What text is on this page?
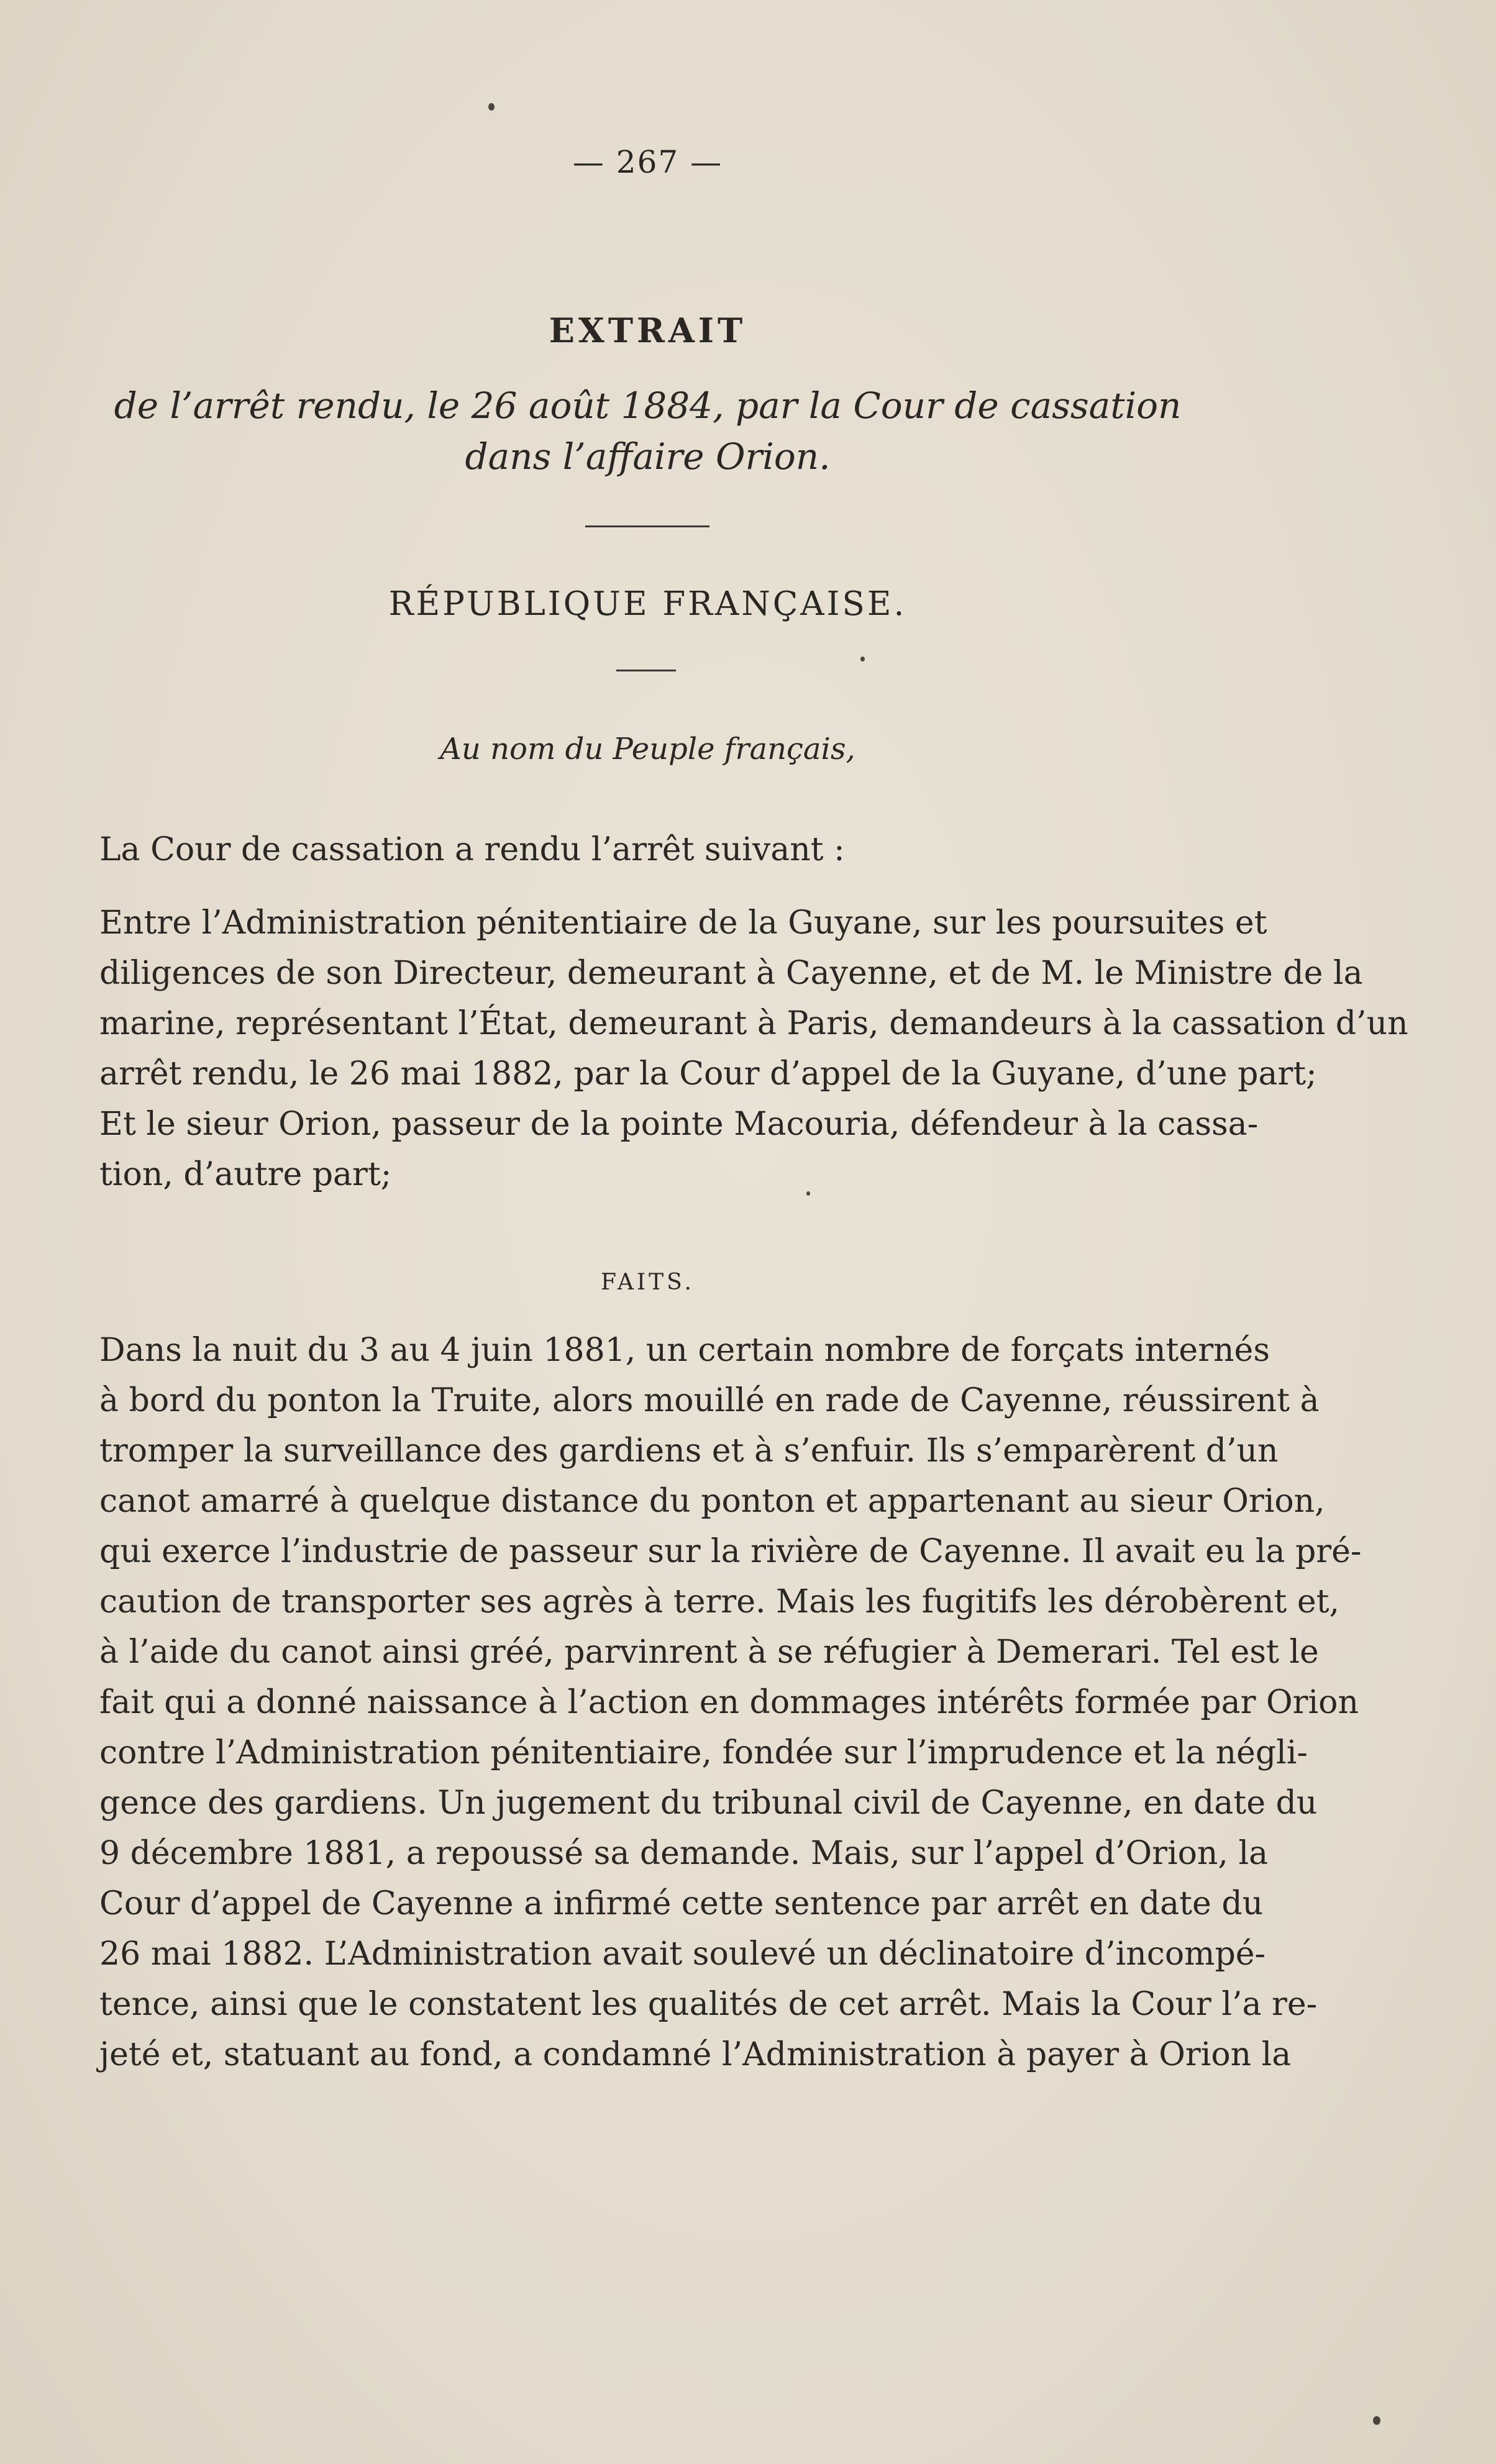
— 267 —
EXTRAIT
de l’arrêt rendu, le 26 août 1884, par la Cour de cassation
dans l’affaire Orion.
RÉPUBLIQUE FRANÇAISE.
Au nom du Peuple français,
La Cour de cassation a rendu l’arrêt suivant :
Entre l’Administration pénitentiaire de la Guyane, sur les poursuites et
diligences de son Directeur, demeurant à Cayenne, et de M. le Ministre de la
marine, représentant l’État, demeurant à Paris, demandeurs à la cassation d’un
arrêt rendu, le 26 mai 1882, par la Cour d’appel de la Guyane, d’une part;
Et le sieur Orion, passeur de la pointe Macouria, défendeur à la cassa-
tion, d’autre part;
FAITS.
Dans la nuit du 3 au 4 juin 1881, un certain nombre de forçats internés
à bord du ponton la Truite, alors mouillé en rade de Cayenne, réussirent à
tromper la surveillance des gardiens et à s’enfuir. Ils s’emparèrent d’un
canot amarré à quelque distance du ponton et appartenant au sieur Orion,
qui exerce l’industrie de passeur sur la rivière de Cayenne. Il avait eu la pré-
caution de transporter ses agrès à terre. Mais les fugitifs les dérobèrent et,
à l’aide du canot ainsi gréé, parvinrent à se réfugier à Demerari. Tel est le
fait qui a donné naissance à l’action en dommages intérêts formée par Orion
contre l’Administration pénitentiaire, fondée sur l’imprudence et la négli-
gence des gardiens. Un jugement du tribunal civil de Cayenne, en date du
9 décembre 1881, a repoussé sa demande. Mais, sur l’appel d’Orion, la
Cour d’appel de Cayenne a infirmé cette sentence par arrêt en date du
26 mai 1882. L’Administration avait soulevé un déclinatoire d’incompé-
tence, ainsi que le constatent les qualités de cet arrêt. Mais la Cour l’a re-
jeté et, statuant au fond, a condamné l’Administration à payer à Orion la
